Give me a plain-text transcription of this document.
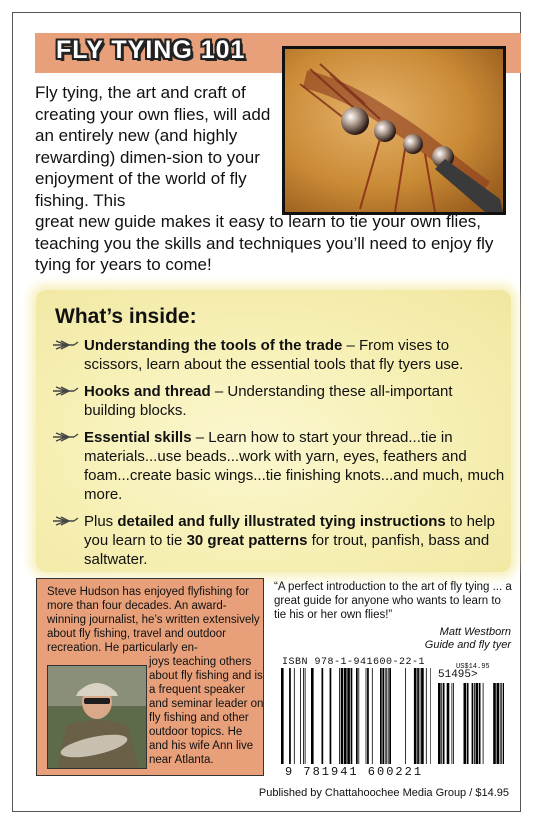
FLY TYING 101
Fly tying, the art and craft of creating your own flies, will add an entirely new (and highly rewarding) dimen-sion to your enjoyment of the world of fly fishing. This
great new guide makes it easy to learn to tie your own flies, teaching you the skills and techniques you’ll need to enjoy fly tying for years to come!
What’s inside:
Understanding the tools of the trade – From vises to scissors, learn about the essential tools that fly tyers use.
Hooks and thread – Understanding these all-important building blocks.
Essential skills – Learn how to start your thread...tie in materials...use beads...work with yarn, eyes, feathers and foam...create basic wings...tie finishing knots...and much, much more.
Plus detailed and fully illustrated tying instructions to help you learn to tie 30 great patterns for trout, panfish, bass and saltwater.
Steve Hudson has enjoyed flyfishing for more than four decades. An award-winning journalist, he’s written extensively about fly fishing, travel and outdoor recreation. He particularly en-
joys teaching others about fly fishing and is a frequent speaker and seminar leader on fly fishing and other outdoor topics. He and his wife Ann live near Atlanta.
“A perfect introduction to the art of fly tying ... a great guide for anyone who wants to learn to tie his or her own flies!”
Matt Westborn
Guide and fly tyer
ISBN 978-1-941600-22-1	US$14.95
51495>
9 781941 600221
Published by Chattahoochee Media Group / $14.95
